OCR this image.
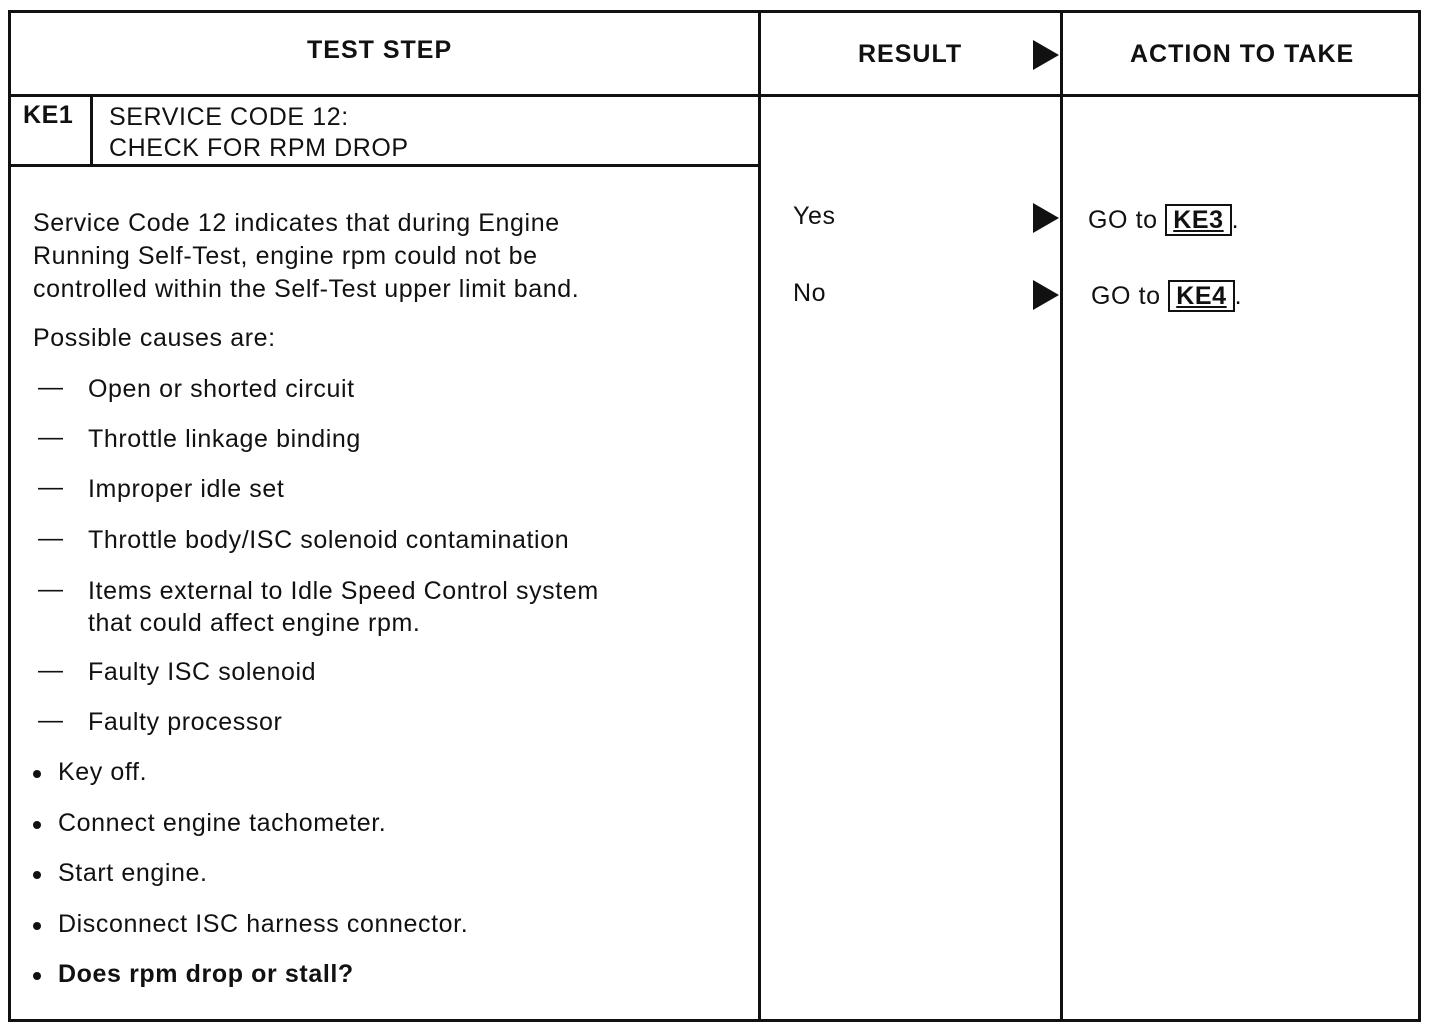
TEST STEP	RESULT	ACTION TO TAKE
KE1 SERVICE CODE 12:
CHECK FOR RPM DROP
Service Code 12 indicates that during Engine
Running Self-Test, engine rpm could not be
controlled within the Self-Test upper limit band.
Possible causes are:
— Open or shorted circuit
— Throttle linkage binding
— Improper idle set
— Throttle body/ISC solenoid contamination
— Items external to Idle Speed Control system
that could affect engine rpm.
— Faulty ISC solenoid
— Faulty processor
Key off.
Connect engine tachometer.
Start engine.
Disconnect ISC harness connector.
Does rpm drop or stall?
Yes	GO to KE3 .
No	GO to KE4 .
